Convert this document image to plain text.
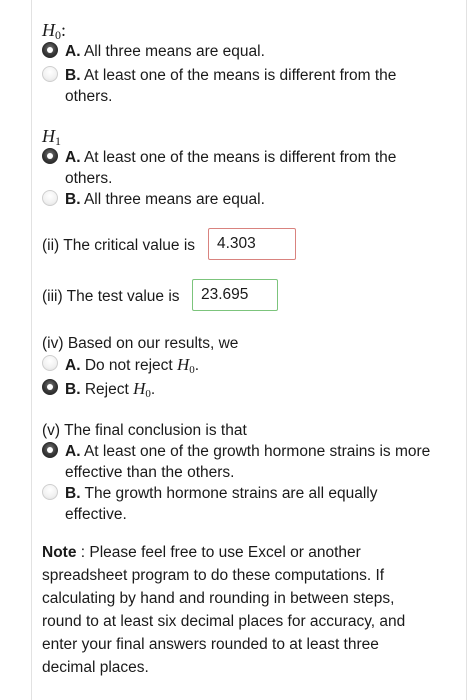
$H_0$:
A. All three means are equal.
B. At least one of the means is different from the others.
$H_1$
A. At least one of the means is different from the others.
B. All three means are equal.
(ii) The critical value is	4.303
(iii) The test value is	23.695
(iv) Based on our results, we
A. Do not reject $H_0$.
B. Reject $H_0$.
(v) The final conclusion is that
A. At least one of the growth hormone strains is more effective than the others.
B. The growth hormone strains are all equally effective.
Note : Please feel free to use Excel or another spreadsheet program to do these computations. If calculating by hand and rounding in between steps, round to at least six decimal places for accuracy, and enter your final answers rounded to at least three decimal places.
